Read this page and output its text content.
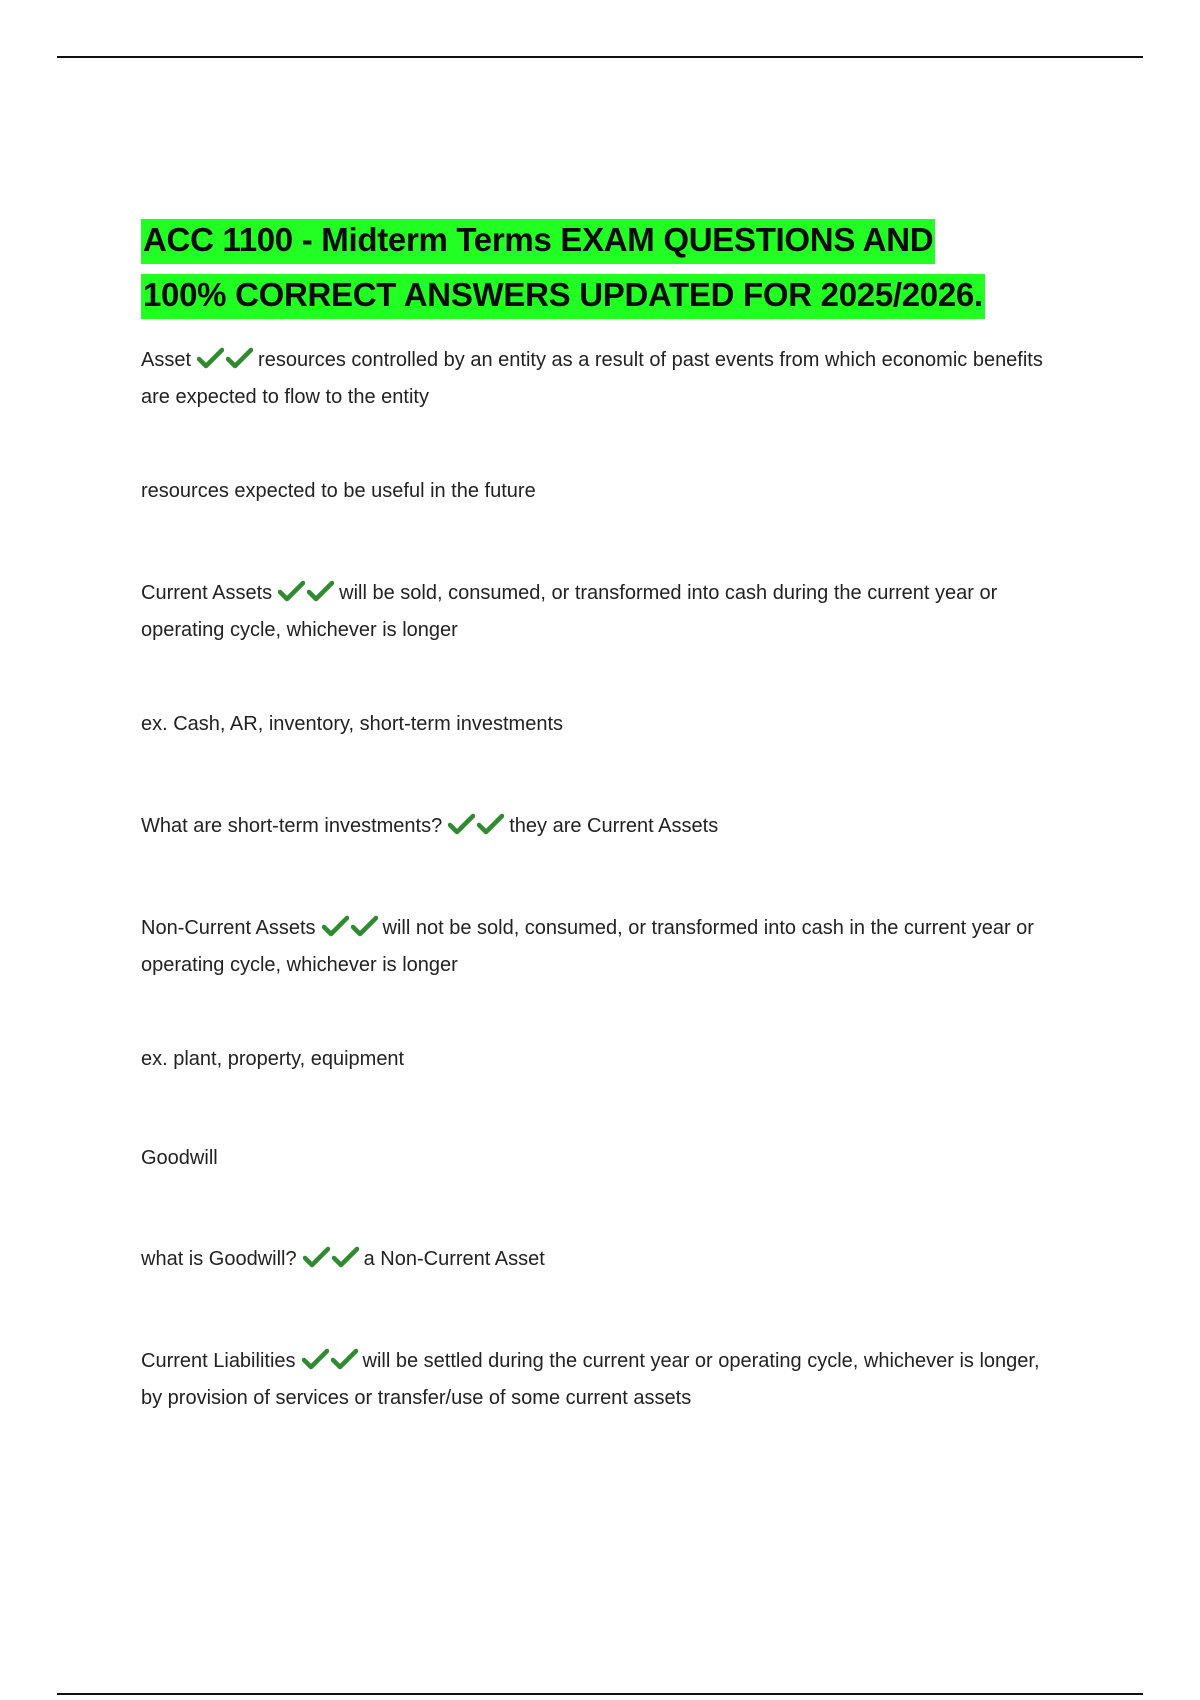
ACC 1100 - Midterm Terms EXAM QUESTIONS AND
100% CORRECT ANSWERS UPDATED FOR 2025/2026.
Asset	resources controlled by an entity as a result of past events from which economic benefits are expected to flow to the entity
resources expected to be useful in the future
Current Assets	will be sold, consumed, or transformed into cash during the current year or operating cycle, whichever is longer
ex. Cash, AR, inventory, short-term investments
What are short-term investments?	they are Current Assets
Non-Current Assets	will not be sold, consumed, or transformed into cash in the current year or operating cycle, whichever is longer
ex. plant, property, equipment
Goodwill
what is Goodwill?	a Non-Current Asset
Current Liabilities	will be settled during the current year or operating cycle, whichever is longer, by provision of services or transfer/use of some current assets
